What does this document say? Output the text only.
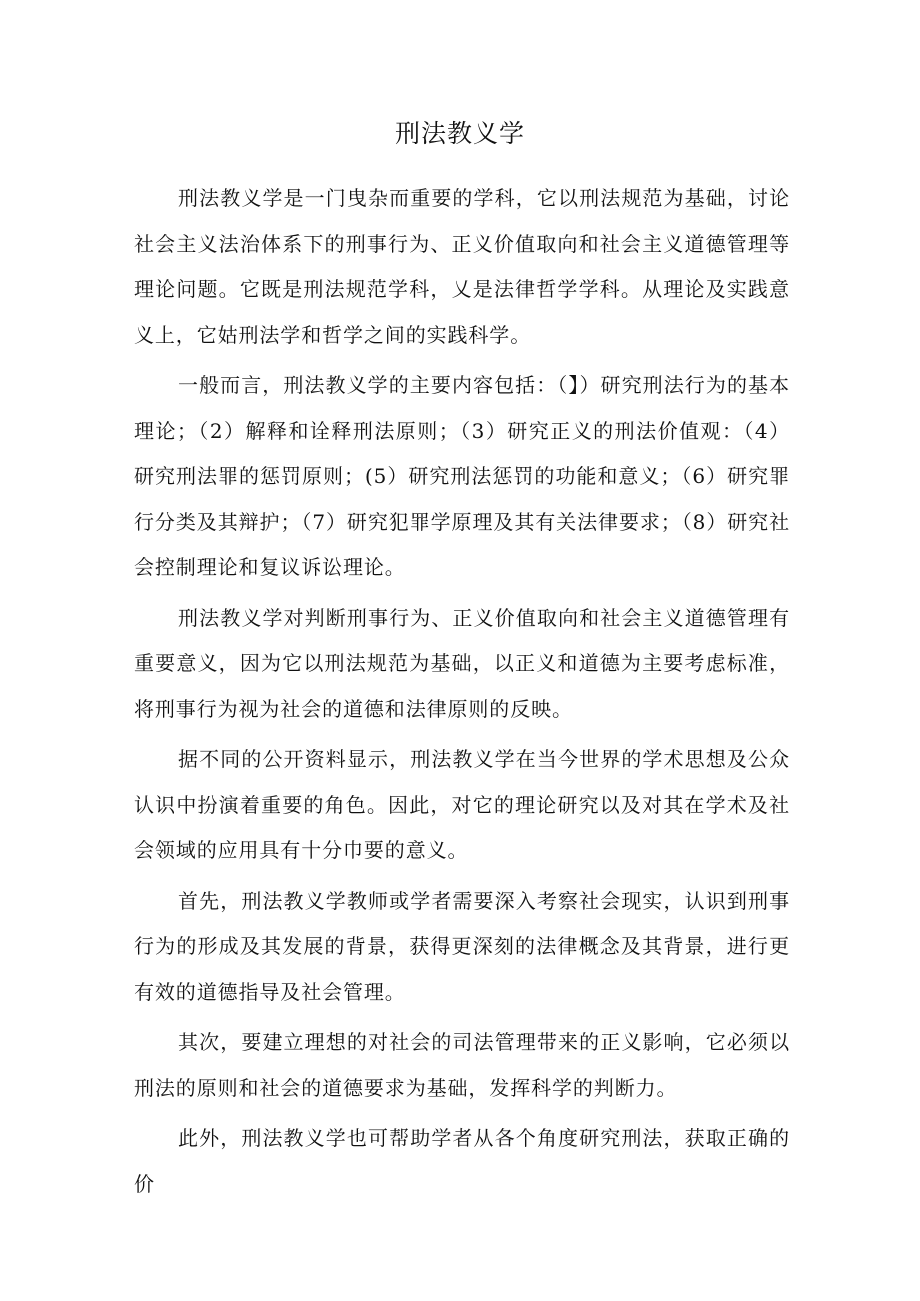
刑法教义学

刑法教义学是一门曳杂而重要的学科，它以刑法规范为基础，讨论社会主义法治体系下的刑事行为、正义价值取向和社会主义道德管理等理论问题。它既是刑法规范学科，乂是法律哲学学科。从理论及实践意义上，它姑刑法学和哲学之间的实践科学。

一般而言，刑法教义学的主要内容包括：（】）研究刑法行为的基本理论；（2）解释和诠释刑法原则；（3）研究正义的刑法价值观：（4）研究刑法罪的惩罚原则；(5）研究刑法惩罚的功能和意义；（6）研究罪行分类及其辩护；（7）研究犯罪学原理及其有关法律要求；（8）研究社会控制理论和复议诉讼理论。

刑法教义学对判断刑事行为、正义价值取向和社会主义道德管理有重要意义，因为它以刑法规范为基础，以正义和道德为主要考虑标准，将刑事行为视为社会的道德和法律原则的反映。

据不同的公开资料显示，刑法教义学在当今世界的学术思想及公众认识中扮演着重要的角色。因此，对它的理论研究以及对其在学术及社会领域的应用具有十分巾要的意义。

首先，刑法教义学教师或学者需要深入考察社会现实，认识到刑事行为的形成及其发展的背景，获得更深刻的法律概念及其背景，进行更有效的道德指导及社会管理。

其次，要建立理想的对社会的司法管理带来的正义影响，它必须以刑法的原则和社会的道德要求为基础，发挥科学的判断力。

此外，刑法教义学也可帮助学者从各个角度研究刑法，获取正确的价
